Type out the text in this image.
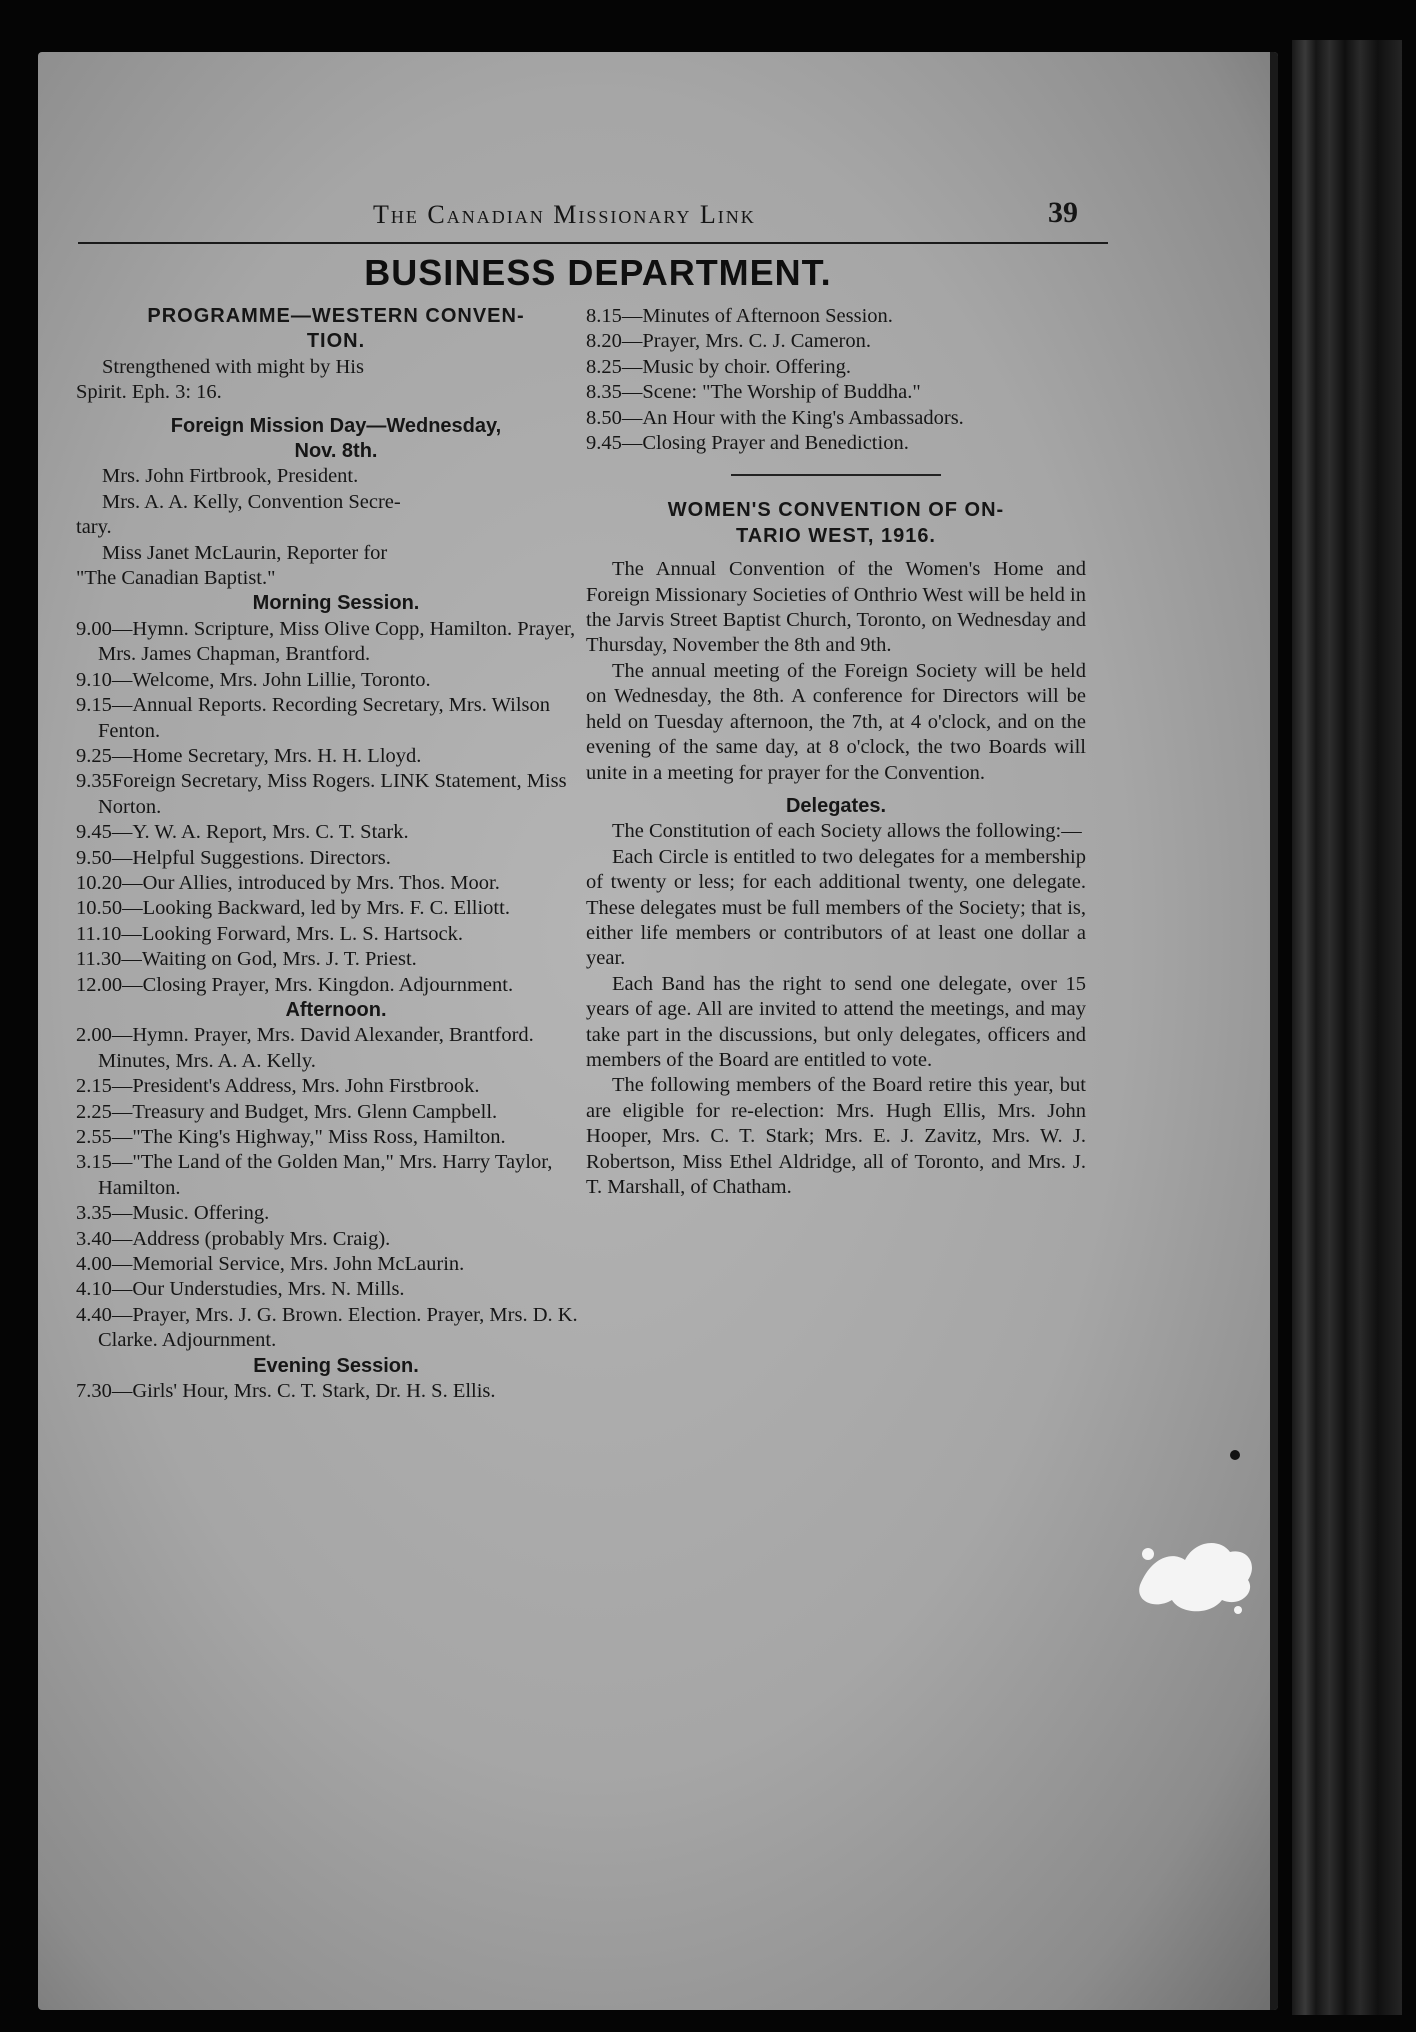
The Canadian Missionary Link	39
BUSINESS DEPARTMENT.

PROGRAMME—WESTERN CONVEN-

TION.

Strengthened with might by His

Spirit. Eph. 3: 16.

Foreign Mission Day—Wednesday,

Nov. 8th.

Mrs. John Firtbrook, President.

Mrs. A. A. Kelly, Convention Secre-

tary.

Miss Janet McLaurin, Reporter for

"The Canadian Baptist."

Morning Session.

9.00—Hymn. Scripture, Miss Olive Copp, Hamilton. Prayer, Mrs. James Chapman, Brantford.

9.10—Welcome, Mrs. John Lillie, Toronto.

9.15—Annual Reports. Recording Secretary, Mrs. Wilson Fenton.

9.25—Home Secretary, Mrs. H. H. Lloyd.

9.35Foreign Secretary, Miss Rogers. LINK Statement, Miss Norton.

9.45—Y. W. A. Report, Mrs. C. T. Stark.

9.50—Helpful Suggestions. Directors.

10.20—Our Allies, introduced by Mrs. Thos. Moor.

10.50—Looking Backward, led by Mrs. F. C. Elliott.

11.10—Looking Forward, Mrs. L. S. Hartsock.

11.30—Waiting on God, Mrs. J. T. Priest.

12.00—Closing Prayer, Mrs. Kingdon. Adjournment.

Afternoon.

2.00—Hymn. Prayer, Mrs. David Alexander, Brantford. Minutes, Mrs. A. A. Kelly.

2.15—President's Address, Mrs. John Firstbrook.

2.25—Treasury and Budget, Mrs. Glenn Campbell.

2.55—"The King's Highway," Miss Ross, Hamilton.

3.15—"The Land of the Golden Man," Mrs. Harry Taylor, Hamilton.

3.35—Music. Offering.

3.40—Address (probably Mrs. Craig).

4.00—Memorial Service, Mrs. John McLaurin.

4.10—Our Understudies, Mrs. N. Mills.

4.40—Prayer, Mrs. J. G. Brown. Election. Prayer, Mrs. D. K. Clarke. Adjournment.

Evening Session.

7.30—Girls' Hour, Mrs. C. T. Stark, Dr. H. S. Ellis.

8.15—Minutes of Afternoon Session.

8.20—Prayer, Mrs. C. J. Cameron.

8.25—Music by choir. Offering.

8.35—Scene: "The Worship of Buddha."

8.50—An Hour with the King's Ambassadors.

9.45—Closing Prayer and Benediction.

WOMEN'S CONVENTION OF ON-

TARIO WEST, 1916.

The Annual Convention of the Women's Home and Foreign Missionary Societies of Onthrio West will be held in the Jarvis Street Baptist Church, Toronto, on Wednesday and Thursday, November the 8th and 9th.

The annual meeting of the Foreign Society will be held on Wednesday, the 8th. A conference for Directors will be held on Tuesday afternoon, the 7th, at 4 o'clock, and on the evening of the same day, at 8 o'clock, the two Boards will unite in a meeting for prayer for the Convention.

Delegates.

The Constitution of each Society allows the following:—

Each Circle is entitled to two delegates for a membership of twenty or less; for each additional twenty, one delegate. These delegates must be full members of the Society; that is, either life members or contributors of at least one dollar a year.

Each Band has the right to send one delegate, over 15 years of age. All are invited to attend the meetings, and may take part in the discussions, but only delegates, officers and members of the Board are entitled to vote.

The following members of the Board retire this year, but are eligible for re-election: Mrs. Hugh Ellis, Mrs. John Hooper, Mrs. C. T. Stark; Mrs. E. J. Zavitz, Mrs. W. J. Robertson, Miss Ethel Aldridge, all of Toronto, and Mrs. J. T. Marshall, of Chatham.
